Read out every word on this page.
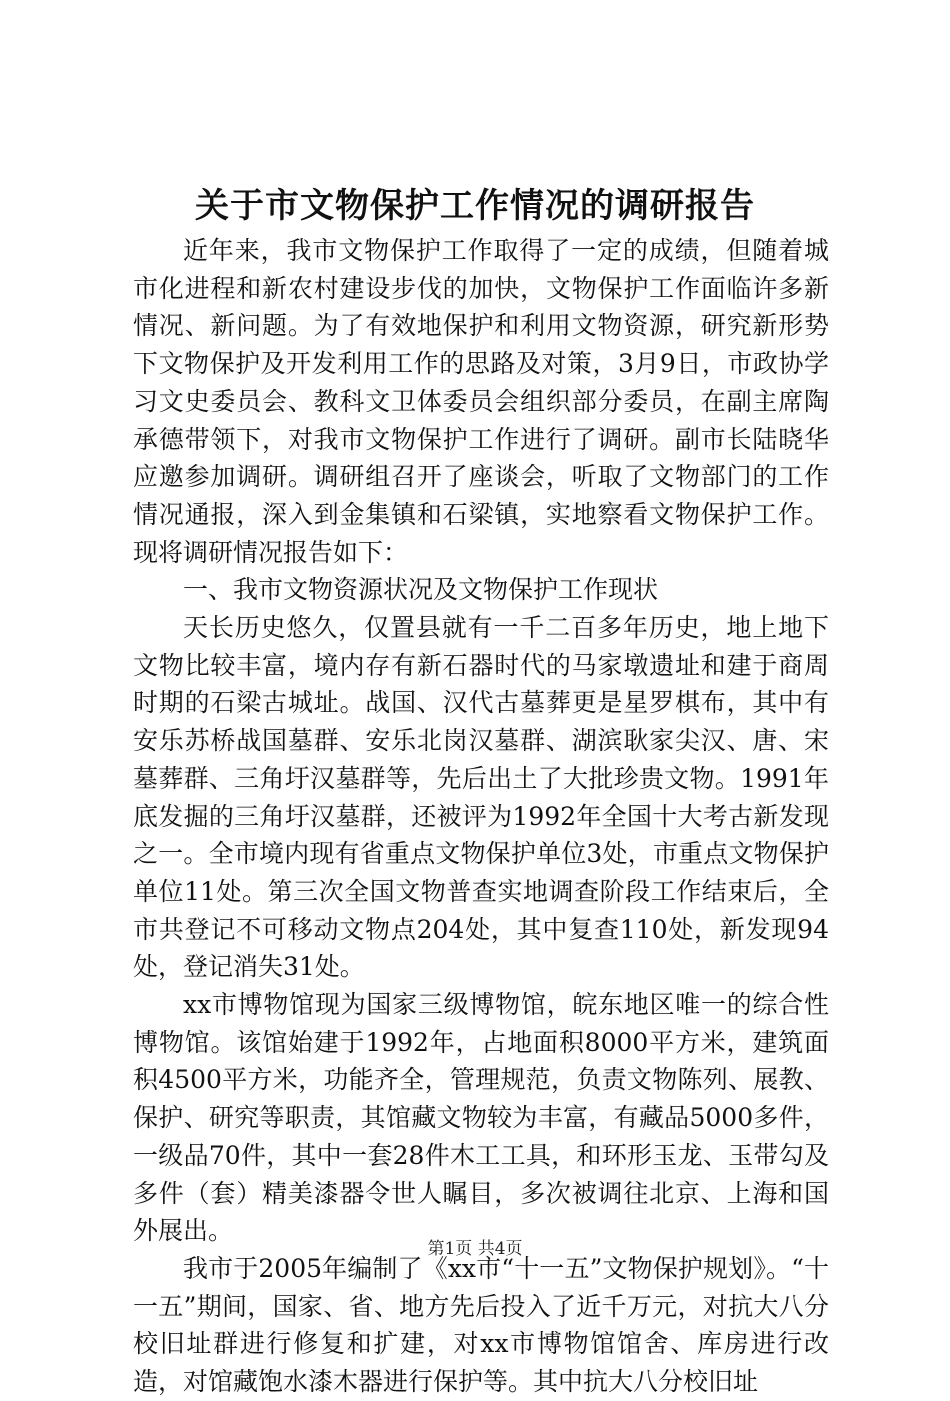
关于市文物保护工作情况的调研报告

近年来，我市文物保护工作取得了一定的成绩，但随着城市化进程和新农村建设步伐的加快，文物保护工作面临许多新情况、新问题。为了有效地保护和利用文物资源，研究新形势下文物保护及开发利用工作的思路及对策，3月9日，市政协学习文史委员会、教科文卫体委员会组织部分委员，在副主席陶承德带领下，对我市文物保护工作进行了调研。副市长陆晓华应邀参加调研。调研组召开了座谈会，听取了文物部门的工作情况通报，深入到金集镇和石梁镇，实地察看文物保护工作。现将调研情况报告如下：

一、我市文物资源状况及文物保护工作现状

天长历史悠久，仅置县就有一千二百多年历史，地上地下文物比较丰富，境内存有新石器时代的马家墩遗址和建于商周时期的石梁古城址。战国、汉代古墓葬更是星罗棋布，其中有安乐苏桥战国墓群、安乐北岗汉墓群、湖滨耿家尖汉、唐、宋墓葬群、三角圩汉墓群等，先后出土了大批珍贵文物。1991年底发掘的三角圩汉墓群，还被评为1992年全国十大考古新发现之一。全市境内现有省重点文物保护单位3处，市重点文物保护单位11处。第三次全国文物普查实地调查阶段工作结束后，全市共登记不可移动文物点204处，其中复查110处，新发现94处，登记消失31处。

xx市博物馆现为国家三级博物馆，皖东地区唯一的综合性博物馆。该馆始建于1992年，占地面积8000平方米，建筑面积4500平方米，功能齐全，管理规范，负责文物陈列、展教、保护、研究等职责，其馆藏文物较为丰富，有藏品5000多件，一级品70件，其中一套28件木工工具，和环形玉龙、玉带勾及多件（套）精美漆器令世人瞩目，多次被调往北京、上海和国外展出。

我市于2005年编制了《xx市“十一五”文物保护规划》。“十一五”期间，国家、省、地方先后投入了近千万元，对抗大八分校旧址群进行修复和扩建，对xx市博物馆馆舍、库房进行改造，对馆藏饱水漆木器进行保护等。其中抗大八分校旧址

第1页 共4页
